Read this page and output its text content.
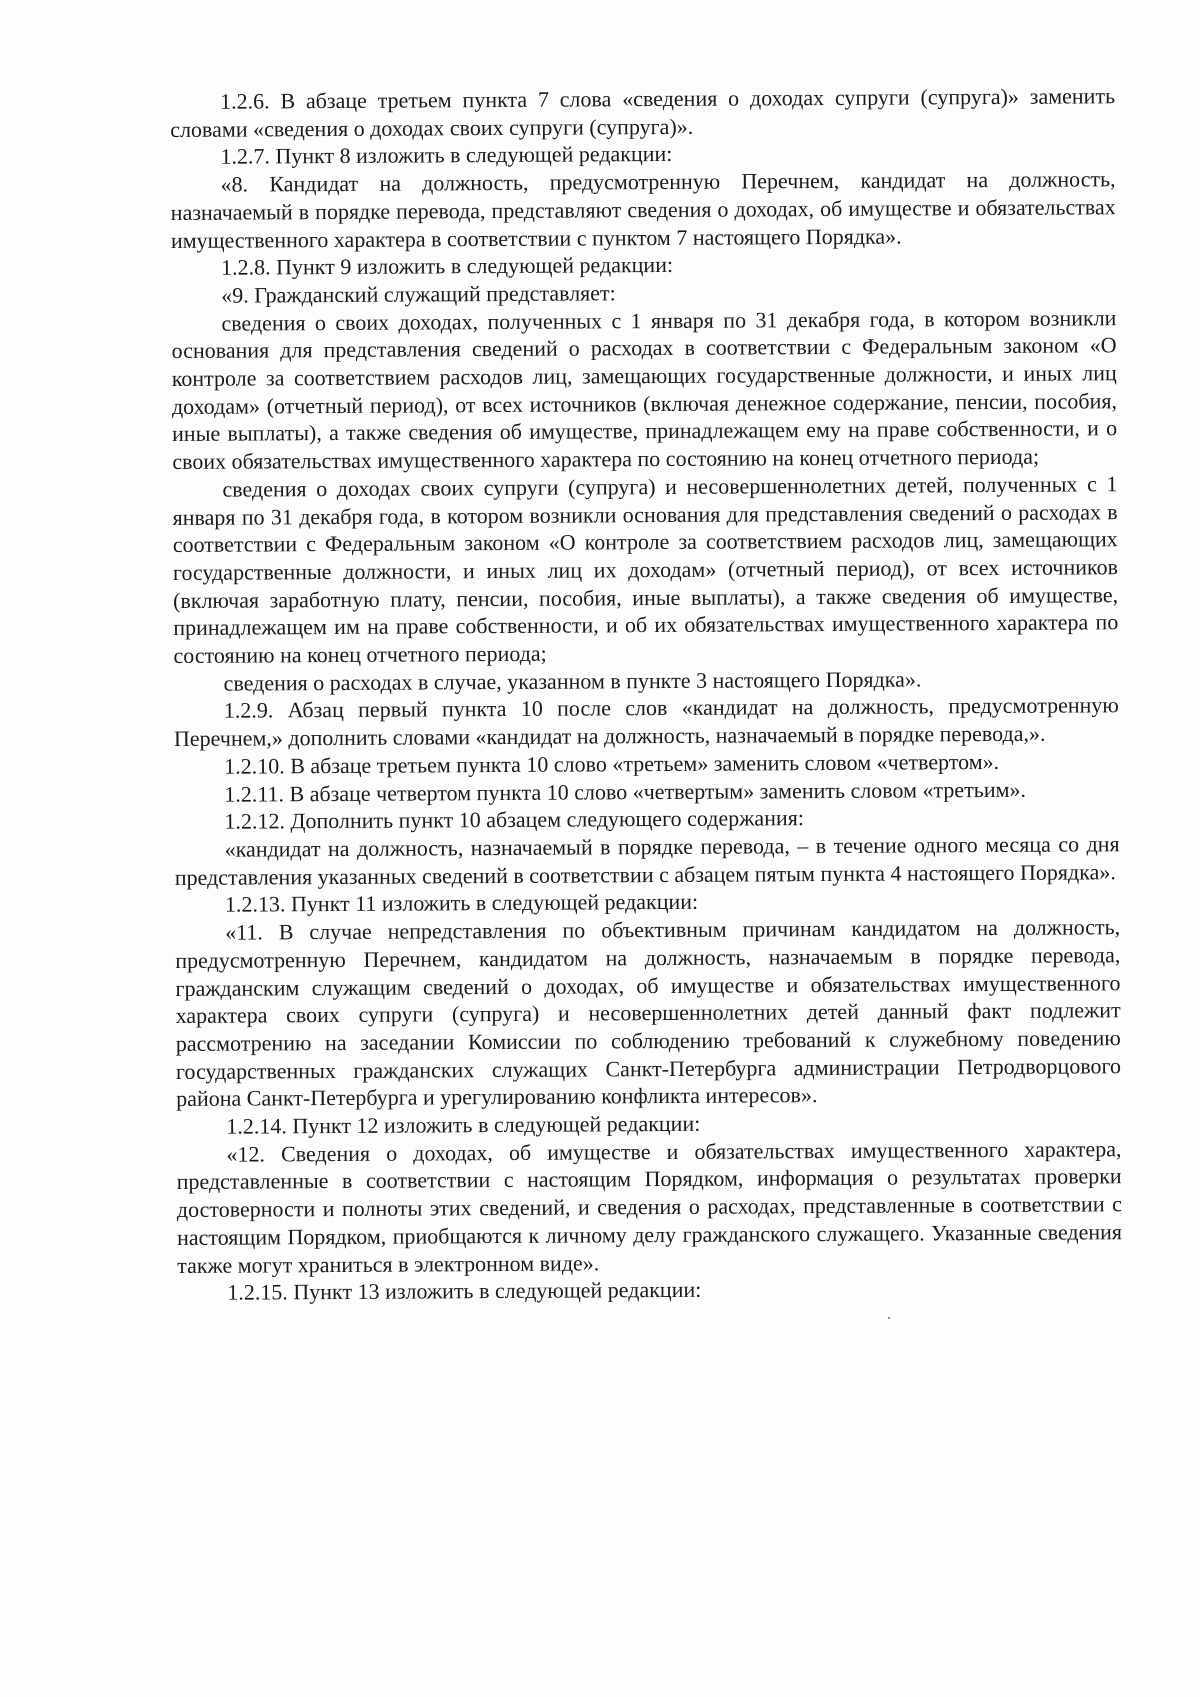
1.2.6. В абзаце третьем пункта 7 слова «сведения о доходах супруги (супруга)» заменить словами «сведения о доходах своих супруги (супруга)».

1.2.7. Пункт 8 изложить в следующей редакции:

«8. Кандидат на должность, предусмотренную Перечнем, кандидат на должность, назначаемый в порядке перевода, представляют сведения о доходах, об имуществе и обязательствах имущественного характера в соответствии с пунктом 7 настоящего Порядка».

1.2.8. Пункт 9 изложить в следующей редакции:

«9. Гражданский служащий представляет:

сведения о своих доходах, полученных с 1 января по 31 декабря года, в котором возникли основания для представления сведений о расходах в соответствии с Федеральным законом «О контроле за соответствием расходов лиц, замещающих государственные должности, и иных лиц доходам» (отчетный период), от всех источников (включая денежное содержание, пенсии, пособия, иные выплаты), а также сведения об имуществе, принадлежащем ему на праве собственности, и о своих обязательствах имущественного характера по состоянию на конец отчетного периода;

сведения о доходах своих супруги (супруга) и несовершеннолетних детей, полученных с 1 января по 31 декабря года, в котором возникли основания для представления сведений о расходах в соответствии с Федеральным законом «О контроле за соответствием расходов лиц, замещающих государственные должности, и иных лиц их доходам» (отчетный период), от всех источников (включая заработную плату, пенсии, пособия, иные выплаты), а также сведения об имуществе, принадлежащем им на праве собственности, и об их обязательствах имущественного характера по состоянию на конец отчетного периода;

сведения о расходах в случае, указанном в пункте 3 настоящего Порядка».

1.2.9. Абзац первый пункта 10 после слов «кандидат на должность, предусмотренную Перечнем,» дополнить словами «кандидат на должность, назначаемый в порядке перевода,».

1.2.10. В абзаце третьем пункта 10 слово «третьем» заменить словом «четвертом».

1.2.11. В абзаце четвертом пункта 10 слово «четвертым» заменить словом «третьим».

1.2.12. Дополнить пункт 10 абзацем следующего содержания:

«кандидат на должность, назначаемый в порядке перевода, – в течение одного месяца со дня представления указанных сведений в соответствии с абзацем пятым пункта 4 настоящего Порядка».

1.2.13. Пункт 11 изложить в следующей редакции:

«11. В случае непредставления по объективным причинам кандидатом на должность, предусмотренную Перечнем, кандидатом на должность, назначаемым в порядке перевода, гражданским служащим сведений о доходах, об имуществе и обязательствах имущественного характера своих супруги (супруга) и несовершеннолетних детей данный факт подлежит рассмотрению на заседании Комиссии по соблюдению требований к служебному поведению государственных гражданских служащих Санкт-Петербурга администрации Петродворцового района Санкт-Петербурга и урегулированию конфликта интересов».

1.2.14. Пункт 12 изложить в следующей редакции:

«12. Сведения о доходах, об имуществе и обязательствах имущественного характера, представленные в соответствии с настоящим Порядком, информация о результатах проверки достоверности и полноты этих сведений, и сведения о расходах, представленные в соответствии с настоящим Порядком, приобщаются к личному делу гражданского служащего. Указанные сведения также могут храниться в электронном виде».

1.2.15. Пункт 13 изложить в следующей редакции:
